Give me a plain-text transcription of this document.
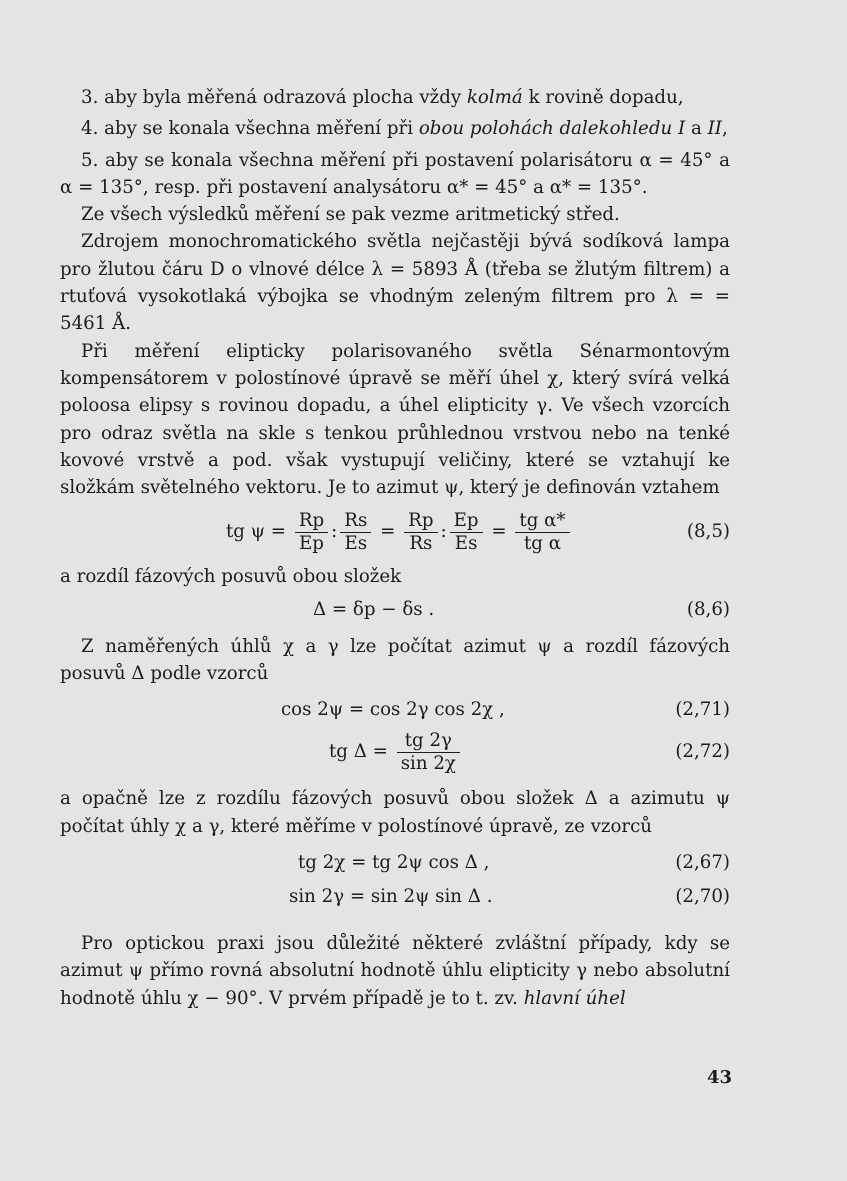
3. aby byla měřená odrazová plocha vždy kolmá k rovině dopadu,

4. aby se konala všechna měření při obou polohách dalekohledu I a II,

5. aby se konala všechna měření při postavení polarisátoru α = 45° a α = 135°, resp. při postavení analysátoru α* = 45° a α* = 135°.

Ze všech výsledků měření se pak vezme aritmetický střed.

Zdrojem monochromatického světla nejčastěji bývá sodíková lampa pro žlutou čáru D o vlnové délce λ = 5893 Å (třeba se žlutým filtrem) a rtuťová vysokotlaká výbojka se vhodným zeleným filtrem pro λ = = 5461 Å.

Při měření elipticky polarisovaného světla Sénarmontovým kompensátorem v polostínové úpravě se měří úhel χ, který svírá velká poloosa elipsy s rovinou dopadu, a úhel elipticity γ. Ve všech vzorcích pro odraz světla na skle s tenkou průhlednou vrstvou nebo na tenké kovové vrstvě a pod. však vystupují veličiny, které se vztahují ke složkám světelného vektoru. Je to azimut ψ, který je definován vztahem

tg $\psi = \frac{Rp}{Ep}$ : $\frac{Rs}{Es} = \frac{Rp}{Rs}$ : $\frac{Ep}{Es} = \frac{\text{tg α*}}{\text{tg α}}$	(8,5)

a rozdíl fázových posuvů obou složek

Δ = δp − δs .	(8,6)

Z naměřených úhlů χ a γ lze počítat azimut ψ a rozdíl fázových posuvů Δ podle vzorců

cos 2ψ = cos 2γ cos 2χ ,	(2,71)
tg $\Delta = \frac{tg 2\gamma}{\sin 2\chi}$	(2,72)

a opačně lze z rozdílu fázových posuvů obou složek Δ a azimutu ψ počítat úhly χ a γ, které měříme v polostínové úpravě, ze vzorců

tg 2χ = tg 2ψ cos Δ ,	(2,67)
sin 2γ = sin 2ψ sin Δ .	(2,70)

Pro optickou praxi jsou důležité některé zvláštní případy, kdy se azimut ψ přímo rovná absolutní hodnotě úhlu elipticity γ nebo absolutní hodnotě úhlu χ − 90°. V prvém případě je to t. zv. hlavní úhel

43
